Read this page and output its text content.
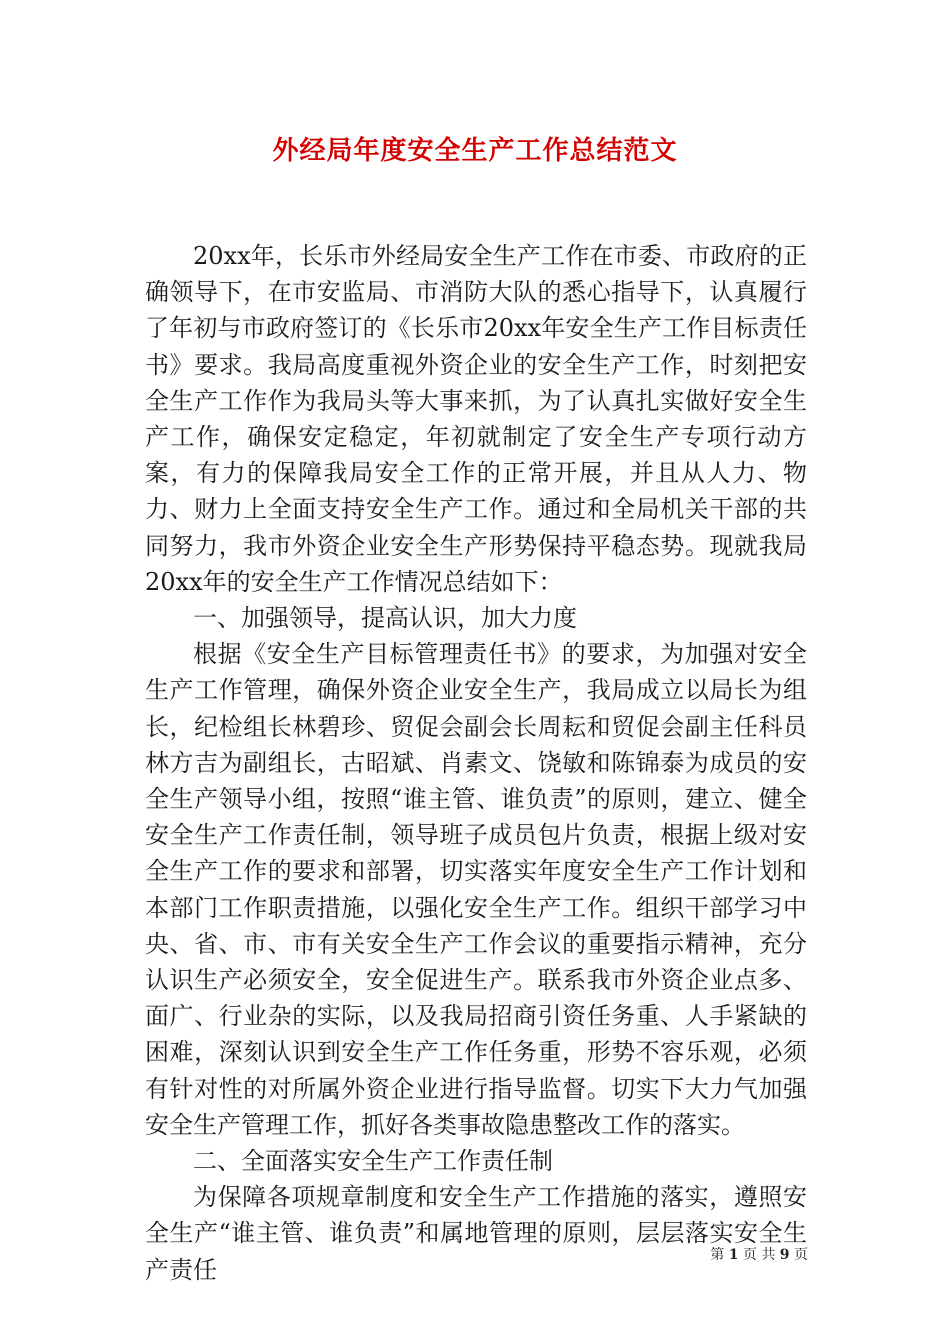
外经局年度安全生产工作总结范文

20xx年，长乐市外经局安全生产工作在市委、市政府的正确领导下，在市安监局、市消防大队的悉心指导下，认真履行了年初与市政府签订的《长乐市20xx年安全生产工作目标责任书》要求。我局高度重视外资企业的安全生产工作，时刻把安全生产工作作为我局头等大事来抓，为了认真扎实做好安全生产工作，确保安定稳定，年初就制定了安全生产专项行动方案，有力的保障我局安全工作的正常开展，并且从人力、物力、财力上全面支持安全生产工作。通过和全局机关干部的共同努力，我市外资企业安全生产形势保持平稳态势。现就我局20xx年的安全生产工作情况总结如下：

一、加强领导，提高认识，加大力度

根据《安全生产目标管理责任书》的要求，为加强对安全生产工作管理，确保外资企业安全生产，我局成立以局长为组长，纪检组长林碧珍、贸促会副会长周耘和贸促会副主任科员林方吉为副组长，古昭斌、肖素文、饶敏和陈锦泰为成员的安全生产领导小组，按照“谁主管、谁负责”的原则，建立、健全安全生产工作责任制，领导班子成员包片负责，根据上级对安全生产工作的要求和部署，切实落实年度安全生产工作计划和本部门工作职责措施，以强化安全生产工作。组织干部学习中央、省、市、市有关安全生产工作会议的重要指示精神，充分认识生产必须安全，安全促进生产。联系我市外资企业点多、面广、行业杂的实际，以及我局招商引资任务重、人手紧缺的困难，深刻认识到安全生产工作任务重，形势不容乐观，必须有针对性的对所属外资企业进行指导监督。切实下大力气加强安全生产管理工作，抓好各类事故隐患整改工作的落实。

二、全面落实安全生产工作责任制

为保障各项规章制度和安全生产工作措施的落实，遵照安全生产“谁主管、谁负责”和属地管理的原则，层层落实安全生产责任

第 1 页 共 9 页
